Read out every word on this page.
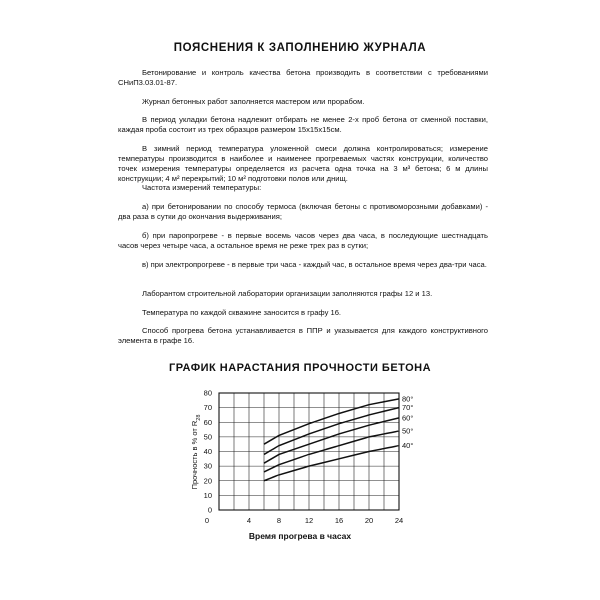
ПОЯСНЕНИЯ К ЗАПОЛНЕНИЮ ЖУРНАЛА

Бетонирование и контроль качества бетона производить в соответствии с требованиями СНиП3.03.01-87.

Журнал бетонных работ заполняется мастером или прорабом.

В период укладки бетона надлежит отбирать не менее 2-х проб бетона от сменной поставки, каждая проба состоит из трех образцов размером 15x15x15см.

В зимний период температура уложенной смеси должна контролироваться; измерение температуры производится в наиболее и наименее прогреваемых частях конструкции, количество точек измерения температуры определяется из расчета одна точка на 3 м³ бетона; 6 м длины конструкции; 4 м² перекрытий; 10 м² подготовки полов или днищ.

Частота измерений температуры:

а) при бетонировании по способу термоса (включая бетоны с противоморозными добавками) - два раза в сутки до окончания выдерживания;

б) при паропрогреве - в первые восемь часов через два часа, в последующие шестнадцать часов через четыре часа, а остальное время не реже трех раз в сутки;

в) при электропрогреве - в первые три часа - каждый час, в остальное время через два-три часа.

Лаборантом строительной лаборатории организации заполняются графы 12 и 13.

Температура по каждой скважине заносится в графу 16.

Способ прогрева бетона устанавливается в ППР и указывается для каждого конструктивного элемента в графе 16.

ГРАФИК НАРАСТАНИЯ ПРОЧНОСТИ БЕТОНА
0
10
20
30
40
50
60
70
80
0	4	8	12	16	20	24
80°
70°
60°
50°
40°
Прочность в % от $R_{28}$
Время прогрева в часах
